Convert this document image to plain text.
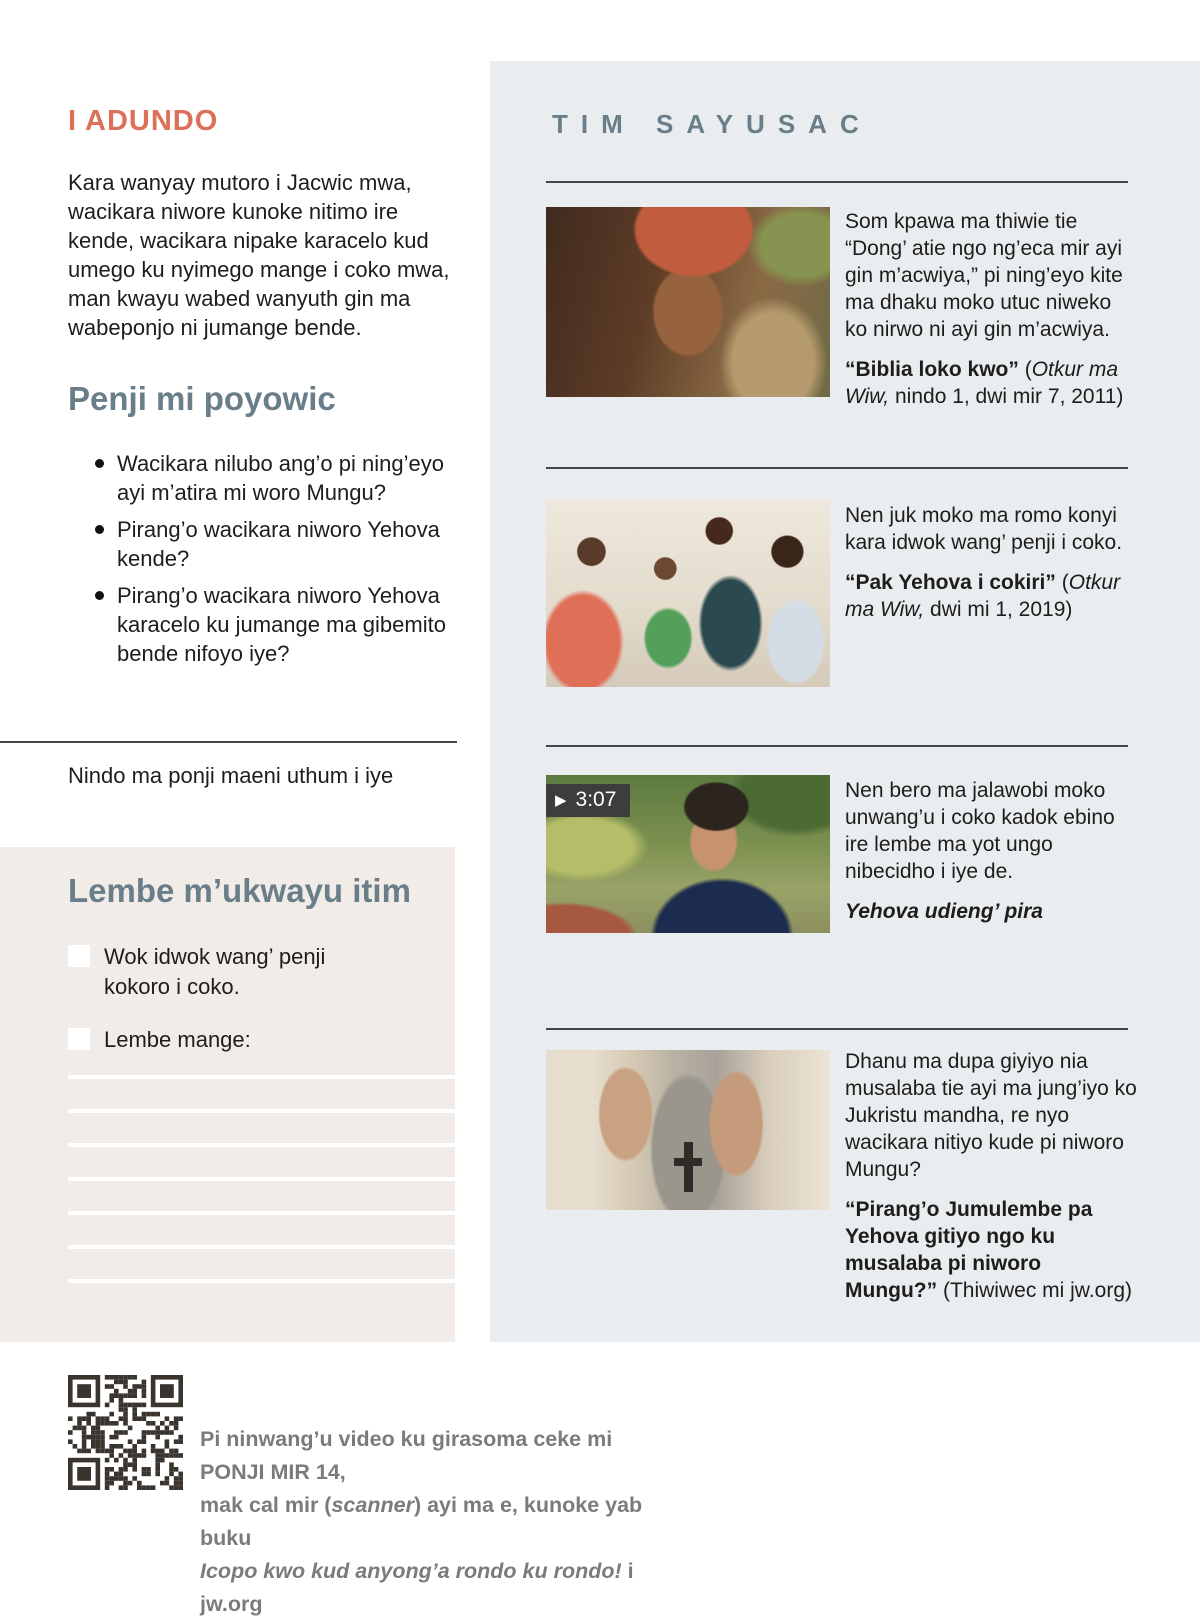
I ADUNDO

Kara wanyay mutoro i Jacwic mwa, wacikara niwore kunoke nitimo ire kende, wacikara nipake karacelo kud umego ku nyimego mange i coko mwa, man kwayu wabed wanyuth gin ma wabeponjo ni jumange bende.

Penji mi poyowic
Wacikara nilubo ang’o pi ning’eyo ayi m’atira mi woro Mungu?
Pirang’o wacikara niworo Yehova kende?
Pirang’o wacikara niworo Yehova karacelo ku jumange ma gibemito bende nifoyo iye?

Nindo ma ponji maeni uthum i iye

Lembe m’ukwayu itim
Wok idwok wang’ penji kokoro i coko.
Lembe mange:
TIM SAYUSAC

Som kpawa ma thiwie tie “Dong’ atie ngo ng’eca mir ayi gin m’acwiya,” pi ning’eyo kite ma dhaku moko utuc niweko ko nirwo ni ayi gin m’acwiya.

“Biblia loko kwo” (Otkur ma Wiw, nindo 1, dwi mir 7, 2011)

Nen juk moko ma romo konyi kara idwok wang’ penji i coko.

“Pak Yehova i cokiri” (Otkur ma Wiw, dwi mi 1, 2019)

▶ 3:07	Nen bero ma jalawobi moko unwang’u i coko kadok ebino ire lembe ma yot ungo nibecidho i iye de.

Yehova udieng’ pira

Dhanu ma dupa giyiyo nia musalaba tie ayi ma jung’iyo ko Jukristu mandha, re nyo wacikara nitiyo kude pi niworo Mungu?

“Pirang’o Jumulembe pa Yehova gitiyo ngo ku musalaba pi niworo Mungu?” (Thiwiwec mi jw.org)

Pi ninwang’u video ku girasoma ceke mi PONJI MIR 14,

mak cal mir (scanner) ayi ma e, kunoke yab buku

Icopo kwo kud anyong’a rondo ku rondo! i jw.org
